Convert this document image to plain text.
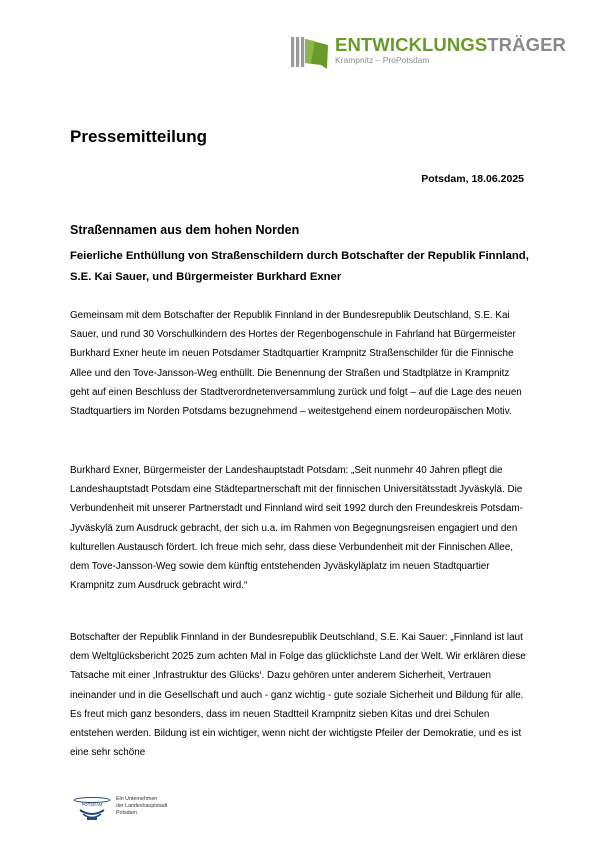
ENTWICKLUNGSTRÄGER
Krampnitz – ProPotsdam
Pressemitteilung
Potsdam, 18.06.2025
Straßennamen aus dem hohen Norden

Feierliche Enthüllung von Straßenschildern durch Botschafter der Republik Finnland, S.E. Kai Sauer, und Bürgermeister Burkhard Exner

Gemeinsam mit dem Botschafter der Republik Finnland in der Bundesrepublik Deutschland, S.E. Kai Sauer, und rund 30 Vorschulkindern des Hortes der Regenbogenschule in Fahrland hat Bürgermeister Burkhard Exner heute im neuen Potsdamer Stadtquartier Krampnitz Straßenschilder für die Finnische Allee und den Tove-Jansson-Weg enthüllt. Die Benennung der Straßen und Stadtplätze in Krampnitz geht auf einen Beschluss der Stadtverordnetenversammlung zurück und folgt – auf die Lage des neuen Stadtquartiers im Norden Potsdams bezugnehmend – weitestgehend einem nordeuropäischen Motiv.

Burkhard Exner, Bürgermeister der Landeshauptstadt Potsdam: „Seit nunmehr 40 Jahren pflegt die Landeshauptstadt Potsdam eine Städtepartnerschaft mit der finnischen Universitätsstadt Jyväskylä. Die Verbundenheit mit unserer Partnerstadt und Finnland wird seit 1992 durch den Freundeskreis Potsdam-Jyväskylä zum Ausdruck gebracht, der sich u.a. im Rahmen von Begegnungsreisen engagiert und den kulturellen Austausch fördert. Ich freue mich sehr, dass diese Verbundenheit mit der Finnischen Allee, dem Tove-Jansson-Weg sowie dem künftig entstehenden Jyväskyläplatz im neuen Stadtquartier Krampnitz zum Ausdruck gebracht wird.“

Botschafter der Republik Finnland in der Bundesrepublik Deutschland, S.E. Kai Sauer: „Finnland ist laut dem Weltglücksbericht 2025 zum achten Mal in Folge das glücklichste Land der Welt. Wir erklären diese Tatsache mit einer ‚Infrastruktur des Glücks‘. Dazu gehören unter anderem Sicherheit, Vertrauen ineinander und in die Gesellschaft und auch - ganz wichtig - gute soziale Sicherheit und Bildung für alle. Es freut mich ganz besonders, dass im neuen Stadtteil Krampnitz sieben Kitas und drei Schulen entstehen werden. Bildung ist ein wichtiger, wenn nicht der wichtigste Pfeiler der Demokratie, und es ist eine sehr schöne

POTSDAM
Ein Unternehmen
der Landeshauptstadt
Potsdam
